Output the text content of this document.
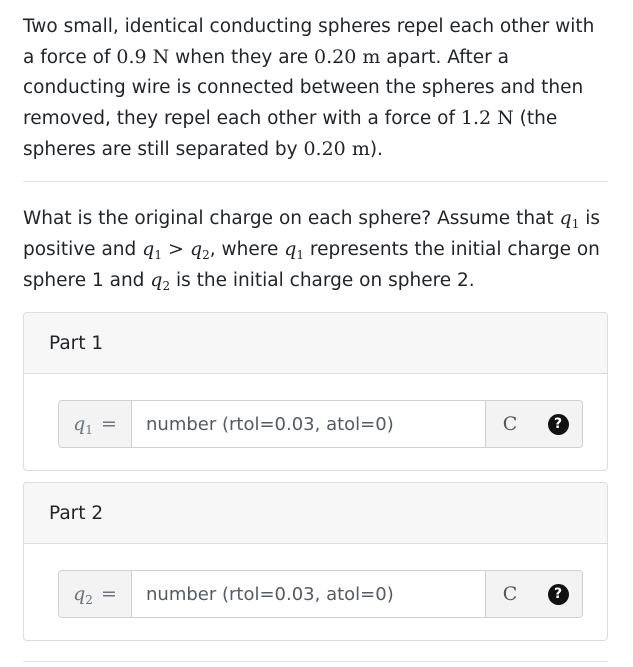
Two small, identical conducting spheres repel each other with a force of 0.9 N when they are 0.20 m apart. After a conducting wire is connected between the spheres and then removed, they repel each other with a force of 1.2 N (the spheres are still separated by 0.20 m).

What is the original charge on each sphere? Assume that $q_1$ is positive and $q_1 > q_2$, where $q_1$ represents the initial charge on sphere 1 and $q_2$ is the initial charge on sphere 2.

Part 1
$q_1$ =
number (rtol=0.03, atol=0)	C	?
Part 2
$q_2$ =
number (rtol=0.03, atol=0)	C	?
